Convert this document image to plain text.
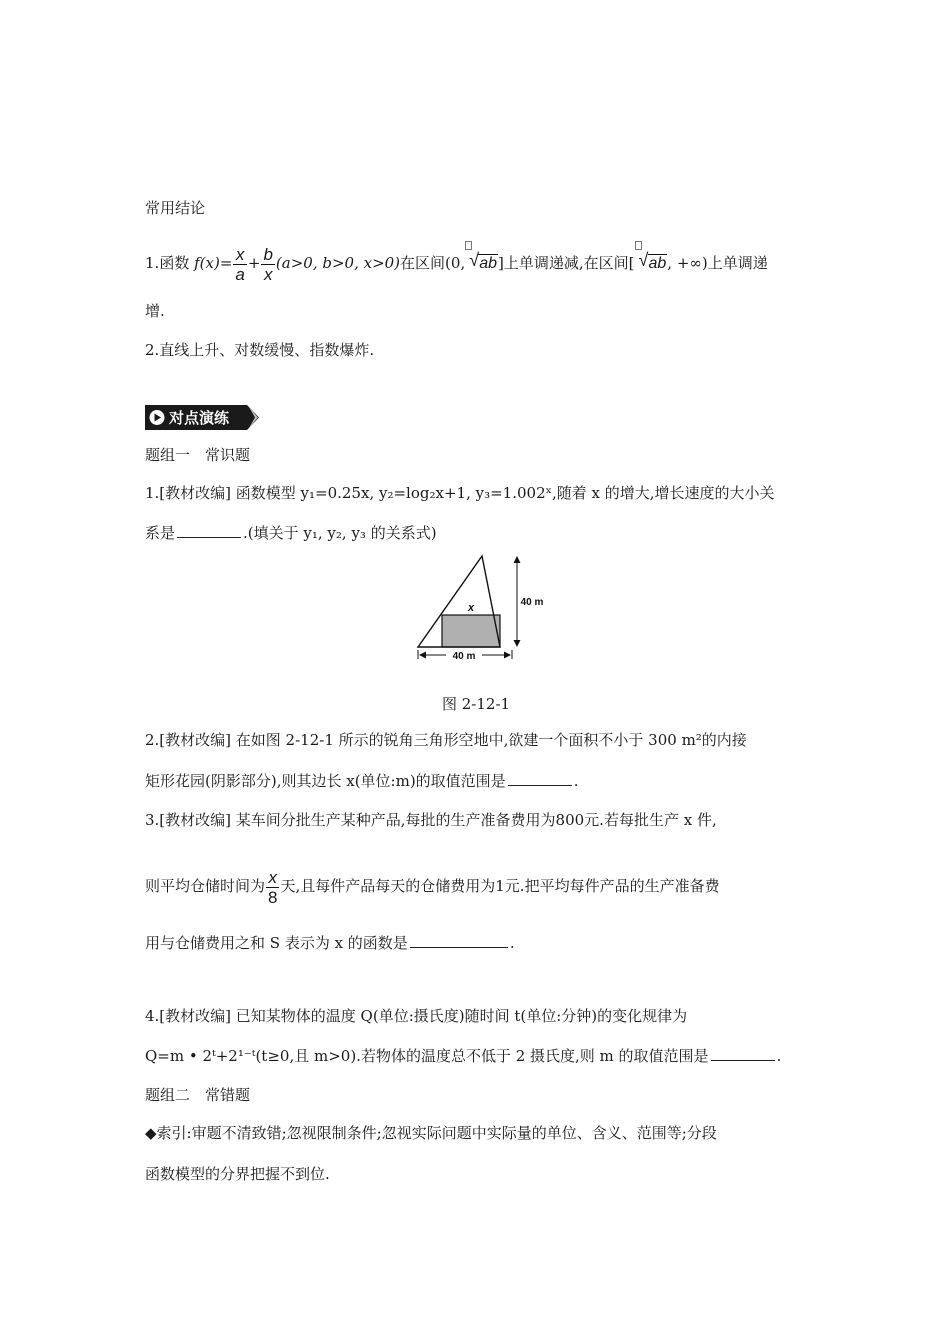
常用结论
1.函数 $f(x)= \frac{x}{a} + \frac{b}{x} (a>0$, b>0, x>0)在区间(0, √ ab]上单调递减,在区间[ √ ab, +∞)上单调递
增.
2.直线上升、对数缓慢、指数爆炸.
对点演练
题组一　常识题
1.[教材改编] 函数模型 y₁=0.25x, y₂=log₂x+1, y₃=1.002ˣ,随着 x 的增大,增长速度的大小关
系是	.(填关于 y₁, y₂, y₃ 的关系式)
x	40 m
40 m
图 2-12-1
2.[教材改编] 在如图 2-12-1 所示的锐角三角形空地中,欲建一个面积不小于 300 m²的内接
矩形花园(阴影部分),则其边长 x(单位:m)的取值范围是	.
3.[教材改编] 某车间分批生产某种产品,每批的生产准备费用为800元.若每批生产 x 件,
则平均仓储时间为 $\frac{x}{8}$ 天,且每件产品每天的仓储费用为1元.把平均每件产品的生产准备费
用与仓储费用之和 S 表示为 x 的函数是	.
4.[教材改编] 已知某物体的温度 Q(单位:摄氏度)随时间 t(单位:分钟)的变化规律为
Q=m • 2ᵗ+2¹⁻ᵗ(t≥0,且 m>0).若物体的温度总不低于 2 摄氏度,则 m 的取值范围是	.
题组二　常错题
◆索引:审题不清致错;忽视限制条件;忽视实际问题中实际量的单位、含义、范围等;分段
函数模型的分界把握不到位.
